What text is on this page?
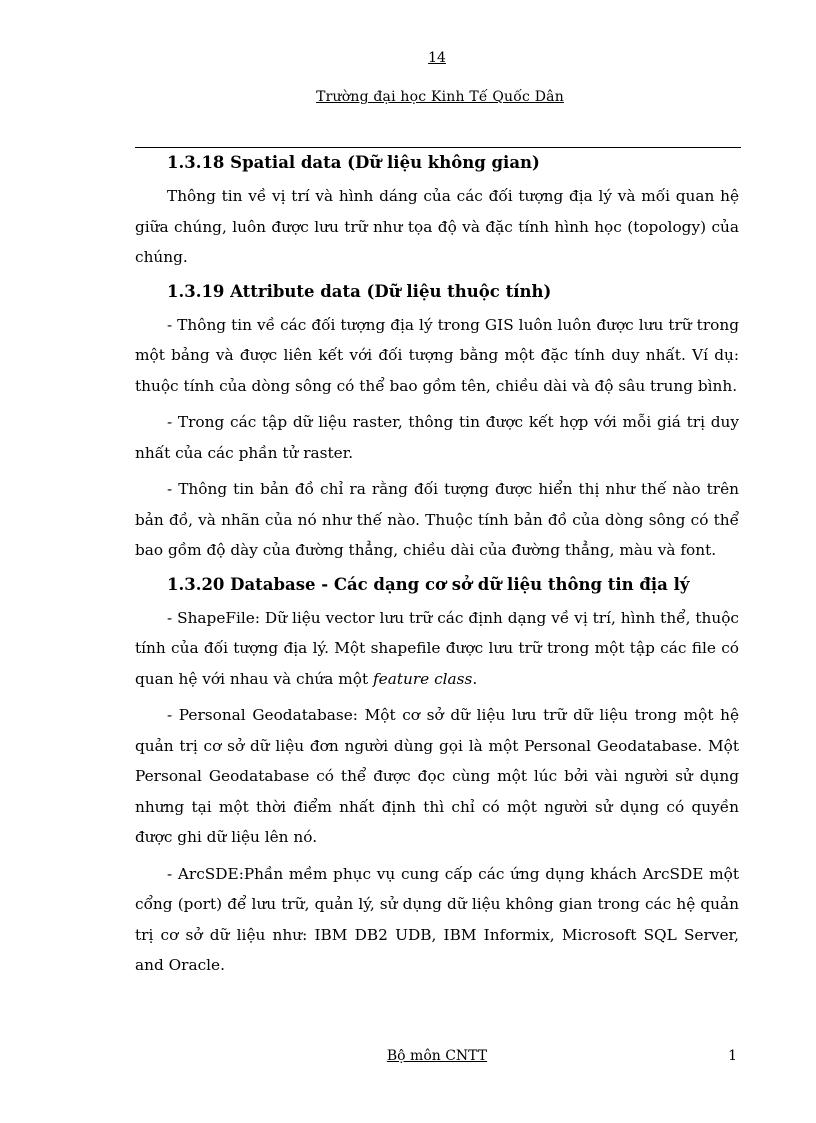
14
Trường đại học Kinh Tế Quốc Dân
1.3.18 Spatial data (Dữ liệu không gian)

Thông tin về vị trí và hình dáng của các đối tượng địa lý và mối quan hệ giữa chúng, luôn được lưu trữ như tọa độ và đặc tính hình học (topology) của chúng.

1.3.19 Attribute data (Dữ liệu thuộc tính)

- Thông tin về các đối tượng địa lý trong GIS luôn luôn được lưu trữ trong một bảng và được liên kết với đối tượng bằng một đặc tính duy nhất. Ví dụ: thuộc tính của dòng sông có thể bao gồm tên, chiều dài và độ sâu trung bình.

- Trong các tập dữ liệu raster, thông tin được kết hợp với mỗi giá trị duy nhất của các phần tử raster.

- Thông tin bản đồ chỉ ra rằng đối tượng được hiển thị như thế nào trên bản đồ, và nhãn của nó như thế nào. Thuộc tính bản đồ của dòng sông có thể bao gồm độ dày của đường thẳng, chiều dài của đường thẳng, màu và font.

1.3.20 Database - Các dạng cơ sở dữ liệu thông tin địa lý

- ShapeFile: Dữ liệu vector lưu trữ các định dạng về vị trí, hình thể, thuộc tính của đối tượng địa lý. Một shapefile được lưu trữ trong một tập các file có quan hệ với nhau và chứa một feature class.

- Personal Geodatabase: Một cơ sở dữ liệu lưu trữ dữ liệu trong một hệ quản trị cơ sở dữ liệu đơn người dùng gọi là một Personal Geodatabase. Một Personal Geodatabase có thể được đọc cùng một lúc bởi vài người sử dụng nhưng tại một thời điểm nhất định thì chỉ có một người sử dụng có quyền được ghi dữ liệu lên nó.

- ArcSDE:Phần mềm phục vụ cung cấp các ứng dụng khách ArcSDE một cổng (port) để lưu trữ, quản lý, sử dụng dữ liệu không gian trong các hệ quản trị cơ sở dữ liệu như: IBM DB2 UDB, IBM Informix, Microsoft SQL Server, and Oracle.

Bộ môn CNTT	1
